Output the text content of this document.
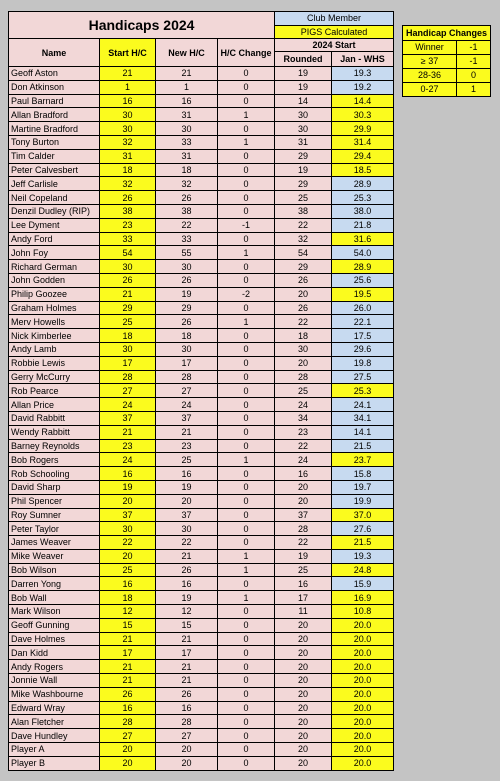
Handicaps 2024				Club Member	
				PIGS Calculated	
Name	Start H/C	New H/C	H/C Change	2024 Start	
				Rounded	Jan - WHS
Geoff Aston	21	21	0	19	19.3
Don Atkinson	1	1	0	19	19.2
Paul Barnard	16	16	0	14	14.4
Allan Bradford	30	31	1	30	30.3
Martine Bradford	30	30	0	30	29.9
Tony Burton	32	33	1	31	31.4
Tim Calder	31	31	0	29	29.4
Peter Calvesbert	18	18	0	19	18.5
Jeff Carlisle	32	32	0	29	28.9
Neil Copeland	26	26	0	25	25.3
Denzil Dudley (RIP)	38	38	0	38	38.0
Lee Dyment	23	22	-1	22	21.8
Andy Ford	33	33	0	32	31.6
John Foy	54	55	1	54	54.0
Richard German	30	30	0	29	28.9
John Godden	26	26	0	26	25.6
Philip Goozee	21	19	-2	20	19.5
Graham Holmes	29	29	0	26	26.0
Merv Howells	25	26	1	22	22.1
Nick Kimberlee	18	18	0	18	17.5
Andy Lamb	30	30	0	30	29.6
Robbie Lewis	17	17	0	20	19.8
Gerry McCurry	28	28	0	28	27.5
Rob Pearce	27	27	0	25	25.3
Allan Price	24	24	0	24	24.1
David Rabbitt	37	37	0	34	34.1
Wendy Rabbitt	21	21	0	23	14.1
Barney Reynolds	23	23	0	22	21.5
Bob Rogers	24	25	1	24	23.7
Rob Schooling	16	16	0	16	15.8
David Sharp	19	19	0	20	19.7
Phil Spencer	20	20	0	20	19.9
Roy Sumner	37	37	0	37	37.0
Peter Taylor	30	30	0	28	27.6
James Weaver	22	22	0	22	21.5
Mike Weaver	20	21	1	19	19.3
Bob Wilson	25	26	1	25	24.8
Darren Yong	16	16	0	16	15.9
Bob Wall	18	19	1	17	16.9
Mark Wilson	12	12	0	11	10.8
Geoff Gunning	15	15	0	20	20.0
Dave Holmes	21	21	0	20	20.0
Dan Kidd	17	17	0	20	20.0
Andy Rogers	21	21	0	20	20.0
Jonnie Wall	21	21	0	20	20.0
Mike Washbourne	26	26	0	20	20.0
Edward Wray	16	16	0	20	20.0
Alan Fletcher	28	28	0	20	20.0
Dave Hundley	27	27	0	20	20.0
Player A	20	20	0	20	20.0
Player B	20	20	0	20	20.0
Handicap Changes	
Winner	-1
≥ 37	-1
28-36	0
0-27	1
